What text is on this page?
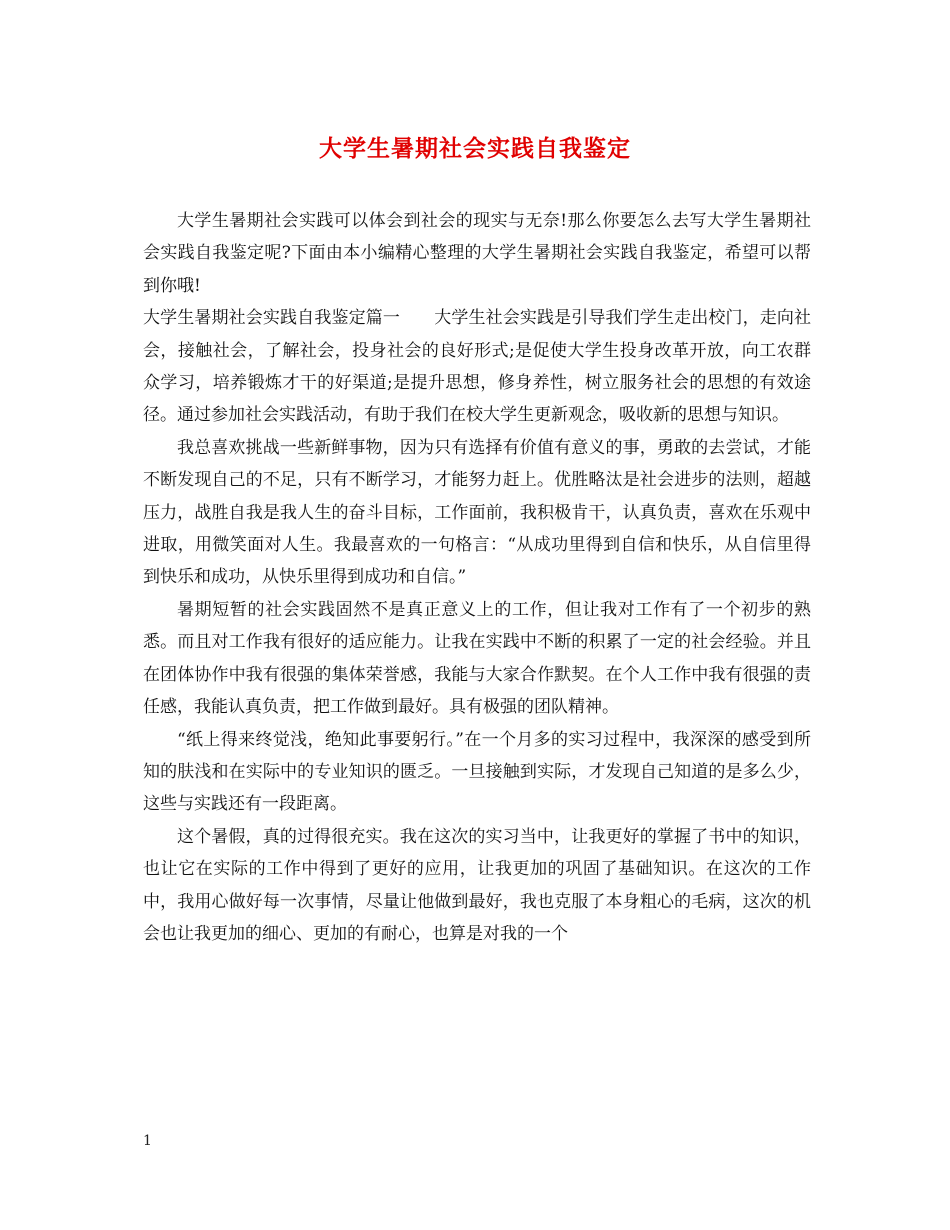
大学生暑期社会实践自我鉴定

大学生暑期社会实践可以体会到社会的现实与无奈!那么你要怎么去写大学生暑期社会实践自我鉴定呢?下面由本小编精心整理的大学生暑期社会实践自我鉴定，希望可以帮到你哦!

大学生暑期社会实践自我鉴定篇一　　大学生社会实践是引导我们学生走出校门，走向社会，接触社会，了解社会，投身社会的良好形式;是促使大学生投身改革开放，向工农群众学习，培养锻炼才干的好渠道;是提升思想，修身养性，树立服务社会的思想的有效途径。通过参加社会实践活动，有助于我们在校大学生更新观念，吸收新的思想与知识。

我总喜欢挑战一些新鲜事物，因为只有选择有价值有意义的事，勇敢的去尝试，才能不断发现自己的不足，只有不断学习，才能努力赶上。优胜略汰是社会进步的法则，超越压力，战胜自我是我人生的奋斗目标，工作面前，我积极肯干，认真负责，喜欢在乐观中进取，用微笑面对人生。我最喜欢的一句格言：“从成功里得到自信和快乐，从自信里得到快乐和成功，从快乐里得到成功和自信。”

暑期短暂的社会实践固然不是真正意义上的工作，但让我对工作有了一个初步的熟悉。而且对工作我有很好的适应能力。让我在实践中不断的积累了一定的社会经验。并且在团体协作中我有很强的集体荣誉感，我能与大家合作默契。在个人工作中我有很强的责任感，我能认真负责，把工作做到最好。具有极强的团队精神。

“纸上得来终觉浅，绝知此事要躬行。”在一个月多的实习过程中，我深深的感受到所知的肤浅和在实际中的专业知识的匮乏。一旦接触到实际，才发现自己知道的是多么少，这些与实践还有一段距离。

这个暑假，真的过得很充实。我在这次的实习当中，让我更好的掌握了书中的知识，也让它在实际的工作中得到了更好的应用，让我更加的巩固了基础知识。在这次的工作中，我用心做好每一次事情，尽量让他做到最好，我也克服了本身粗心的毛病，这次的机会也让我更加的细心、更加的有耐心，也算是对我的一个

1
